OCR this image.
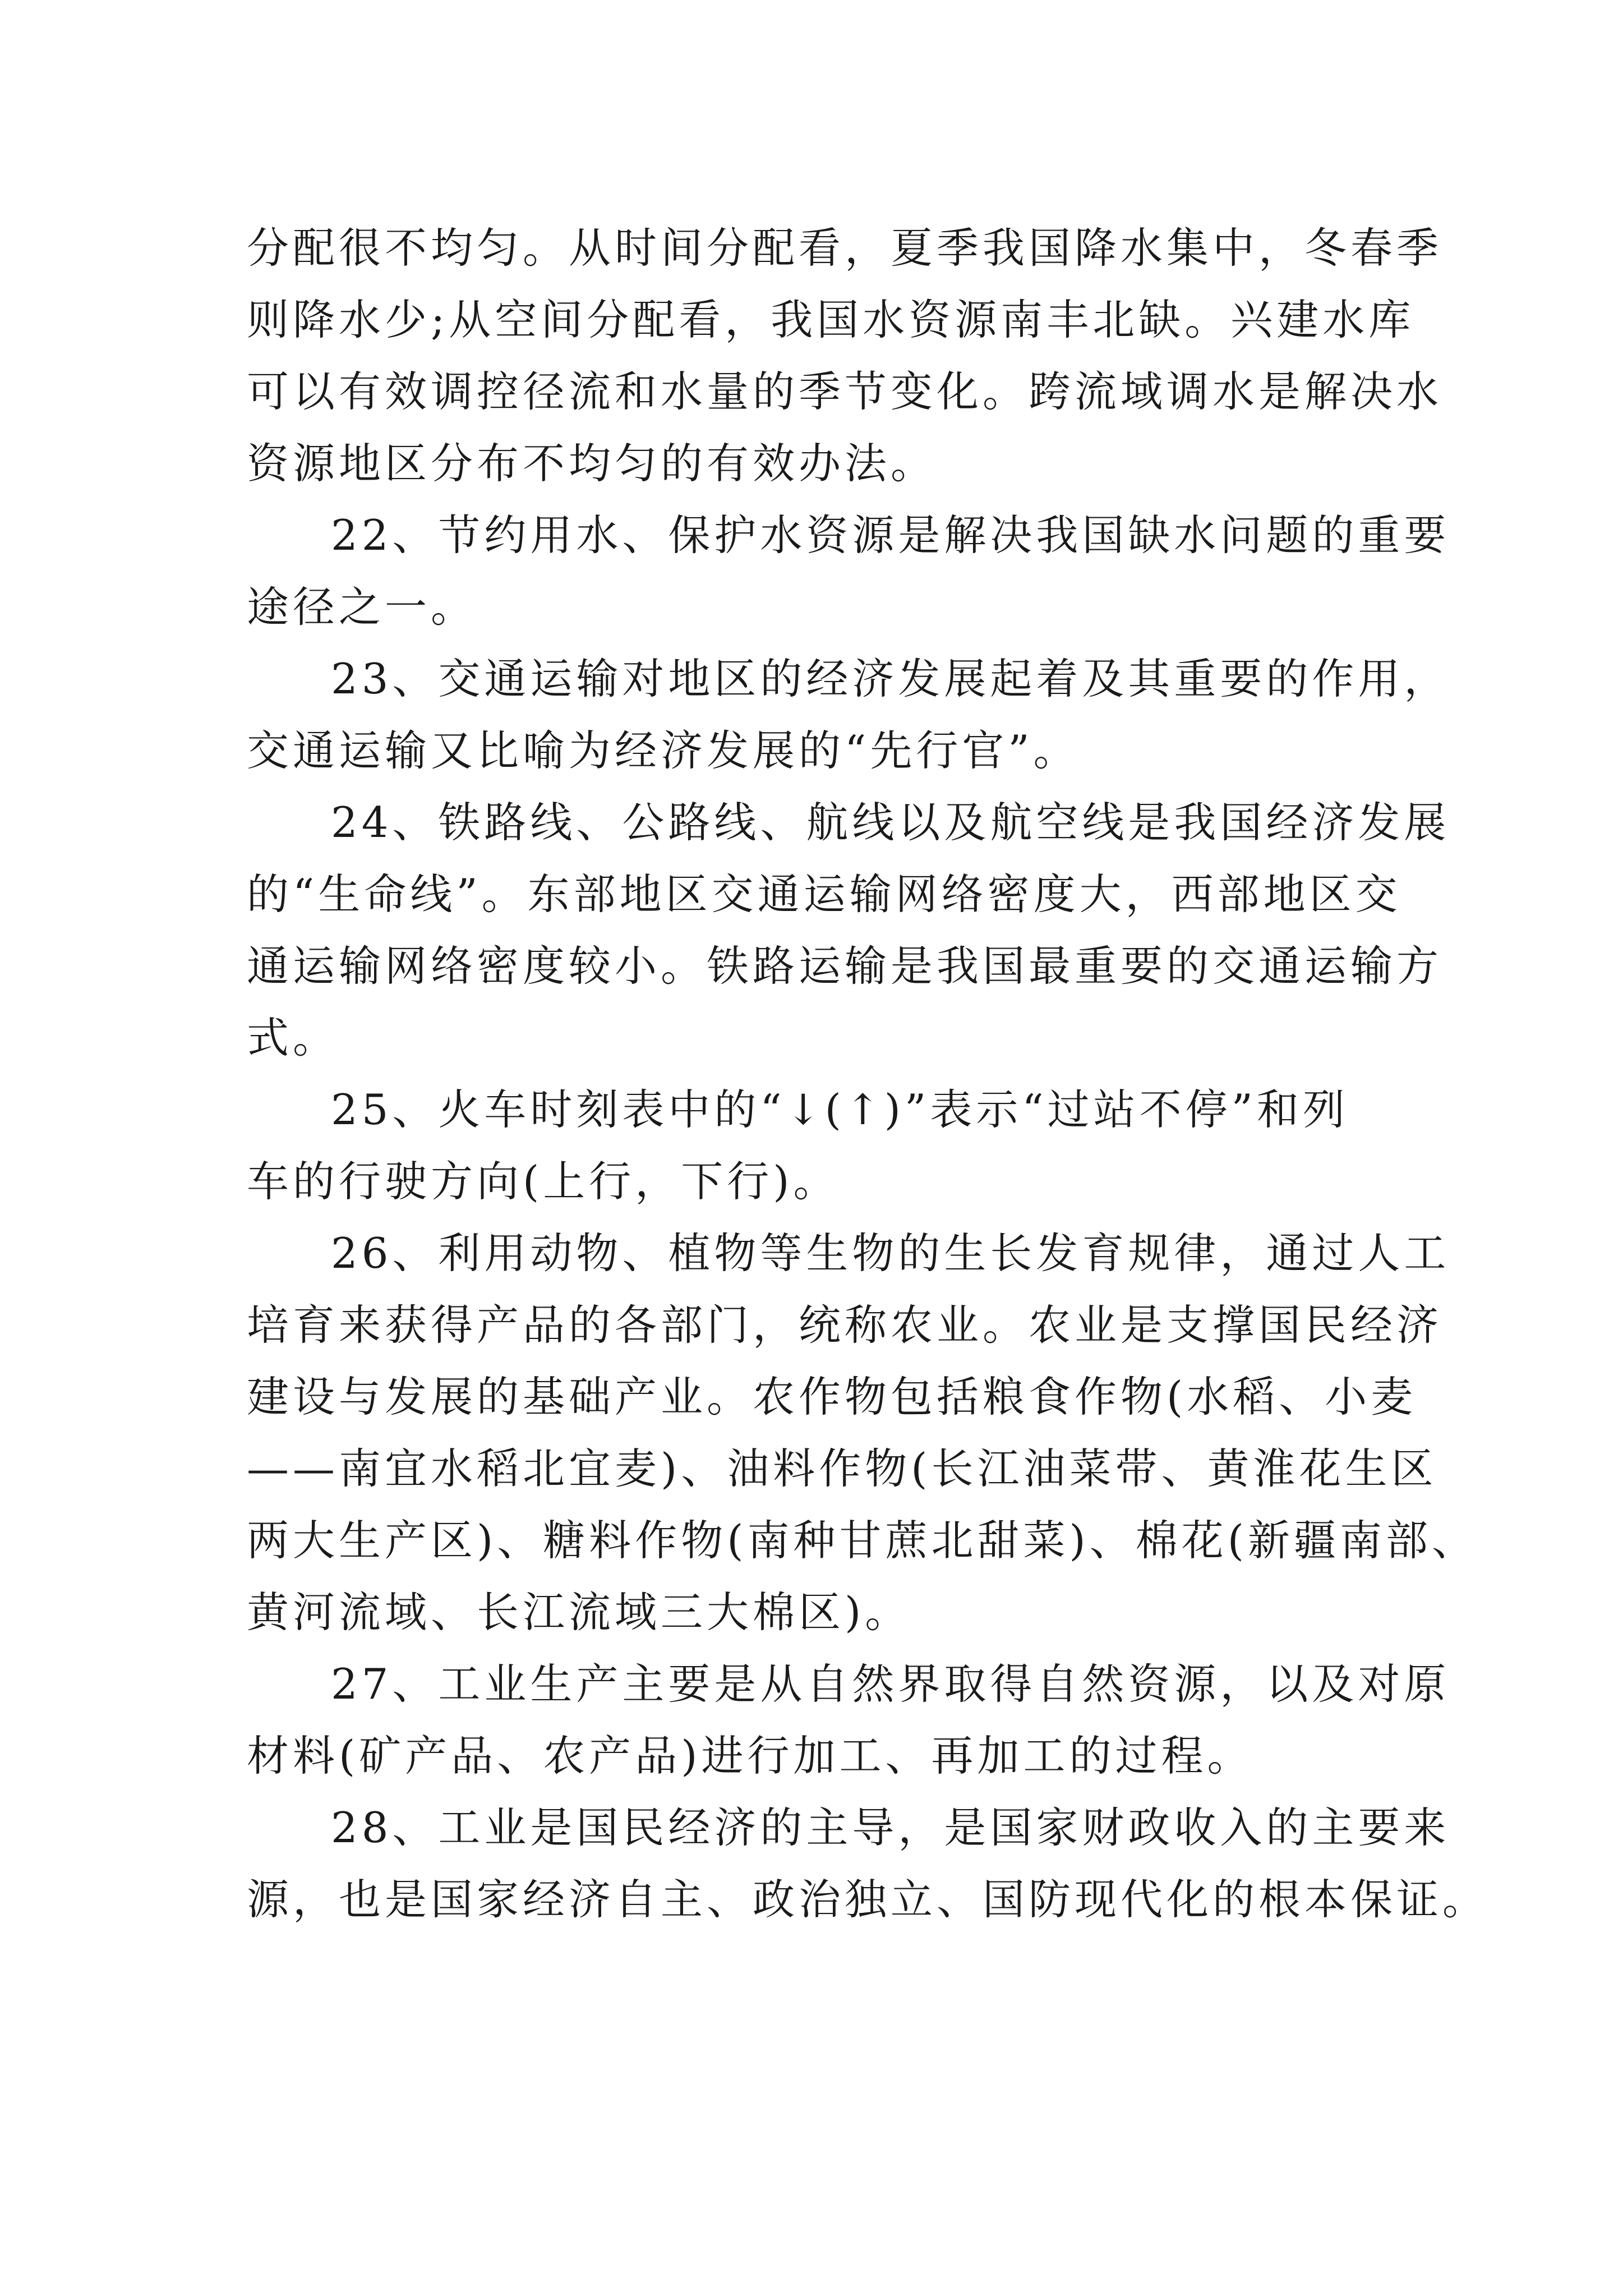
分配很不均匀。从时间分配看，夏季我国降水集中，冬春季
则降水少;从空间分配看，我国水资源南丰北缺。兴建水库
可以有效调控径流和水量的季节变化。跨流域调水是解决水
资源地区分布不均匀的有效办法。
22、节约用水、保护水资源是解决我国缺水问题的重要
途径之一。
23、交通运输对地区的经济发展起着及其重要的作用，
交通运输又比喻为经济发展的“先行官”。
24、铁路线、公路线、航线以及航空线是我国经济发展
的“生命线”。东部地区交通运输网络密度大，西部地区交
通运输网络密度较小。铁路运输是我国最重要的交通运输方
式。
25、火车时刻表中的“↓(↑)”表示“过站不停”和列
车的行驶方向(上行，下行)。
26、利用动物、植物等生物的生长发育规律，通过人工
培育来获得产品的各部门，统称农业。农业是支撑国民经济
建设与发展的基础产业。农作物包括粮食作物(水稻、小麦
——南宜水稻北宜麦)、油料作物(长江油菜带、黄淮花生区
两大生产区)、糖料作物(南种甘蔗北甜菜)、棉花(新疆南部、
黄河流域、长江流域三大棉区)。
27、工业生产主要是从自然界取得自然资源，以及对原
材料(矿产品、农产品)进行加工、再加工的过程。
28、工业是国民经济的主导，是国家财政收入的主要来
源，也是国家经济自主、政治独立、国防现代化的根本保证。
